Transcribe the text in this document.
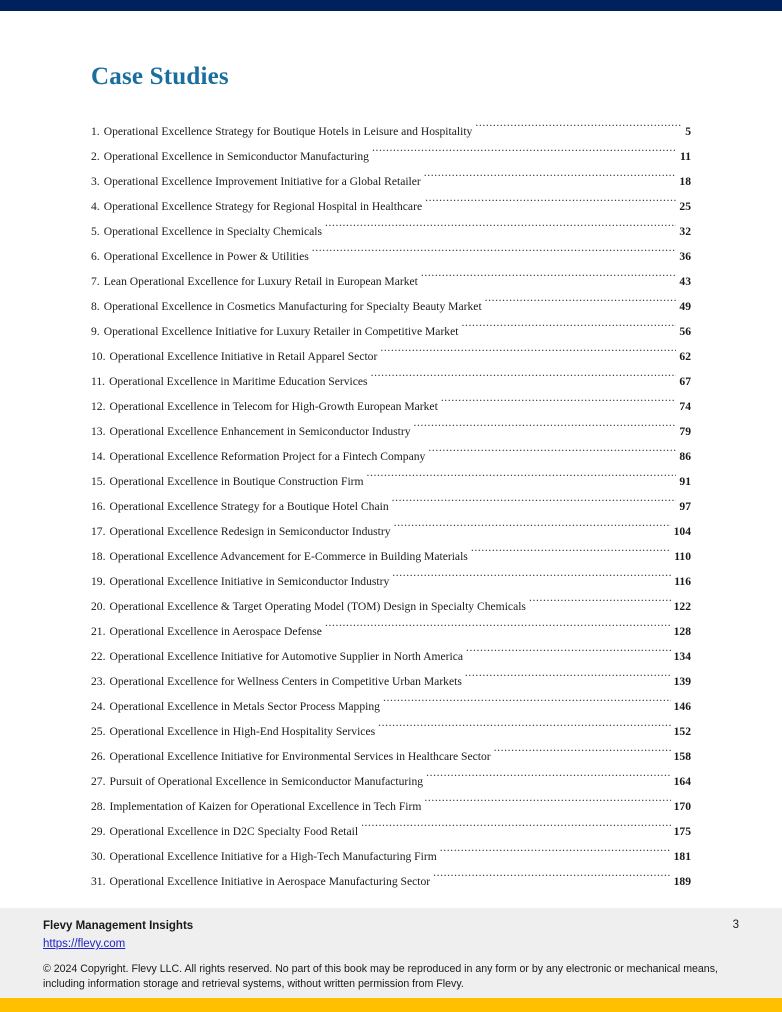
Case Studies
1. Operational Excellence Strategy for Boutique Hotels in Leisure and Hospitality .....	5
2. Operational Excellence in Semiconductor Manufacturing .....	11
3. Operational Excellence Improvement Initiative for a Global Retailer .....	18
4. Operational Excellence Strategy for Regional Hospital in Healthcare .....	25
5. Operational Excellence in Specialty Chemicals .....	32
6. Operational Excellence in Power & Utilities .....	36
7. Lean Operational Excellence for Luxury Retail in European Market .....	43
8. Operational Excellence in Cosmetics Manufacturing for Specialty Beauty Market .....	49
9. Operational Excellence Initiative for Luxury Retailer in Competitive Market .....	56
10. Operational Excellence Initiative in Retail Apparel Sector .....	62
11. Operational Excellence in Maritime Education Services .....	67
12. Operational Excellence in Telecom for High-Growth European Market .....	74
13. Operational Excellence Enhancement in Semiconductor Industry .....	79
14. Operational Excellence Reformation Project for a Fintech Company .....	86
15. Operational Excellence in Boutique Construction Firm .....	91
16. Operational Excellence Strategy for a Boutique Hotel Chain .....	97
17. Operational Excellence Redesign in Semiconductor Industry .....	104
18. Operational Excellence Advancement for E-Commerce in Building Materials .....	110
19. Operational Excellence Initiative in Semiconductor Industry .....	116
20. Operational Excellence & Target Operating Model (TOM) Design in Specialty Chemicals .....	122
21. Operational Excellence in Aerospace Defense .....	128
22. Operational Excellence Initiative for Automotive Supplier in North America .....	134
23. Operational Excellence for Wellness Centers in Competitive Urban Markets .....	139
24. Operational Excellence in Metals Sector Process Mapping .....	146
25. Operational Excellence in High-End Hospitality Services .....	152
26. Operational Excellence Initiative for Environmental Services in Healthcare Sector .....	158
27. Pursuit of Operational Excellence in Semiconductor Manufacturing .....	164
28. Implementation of Kaizen for Operational Excellence in Tech Firm .....	170
29. Operational Excellence in D2C Specialty Food Retail .....	175
30. Operational Excellence Initiative for a High-Tech Manufacturing Firm .....	181
31. Operational Excellence Initiative in Aerospace Manufacturing Sector .....	189
Flevy Management Insights
https://flevy.com
3
© 2024 Copyright. Flevy LLC. All rights reserved. No part of this book may be reproduced in any form or by any electronic or mechanical means, including information storage and retrieval systems, without written permission from Flevy.
